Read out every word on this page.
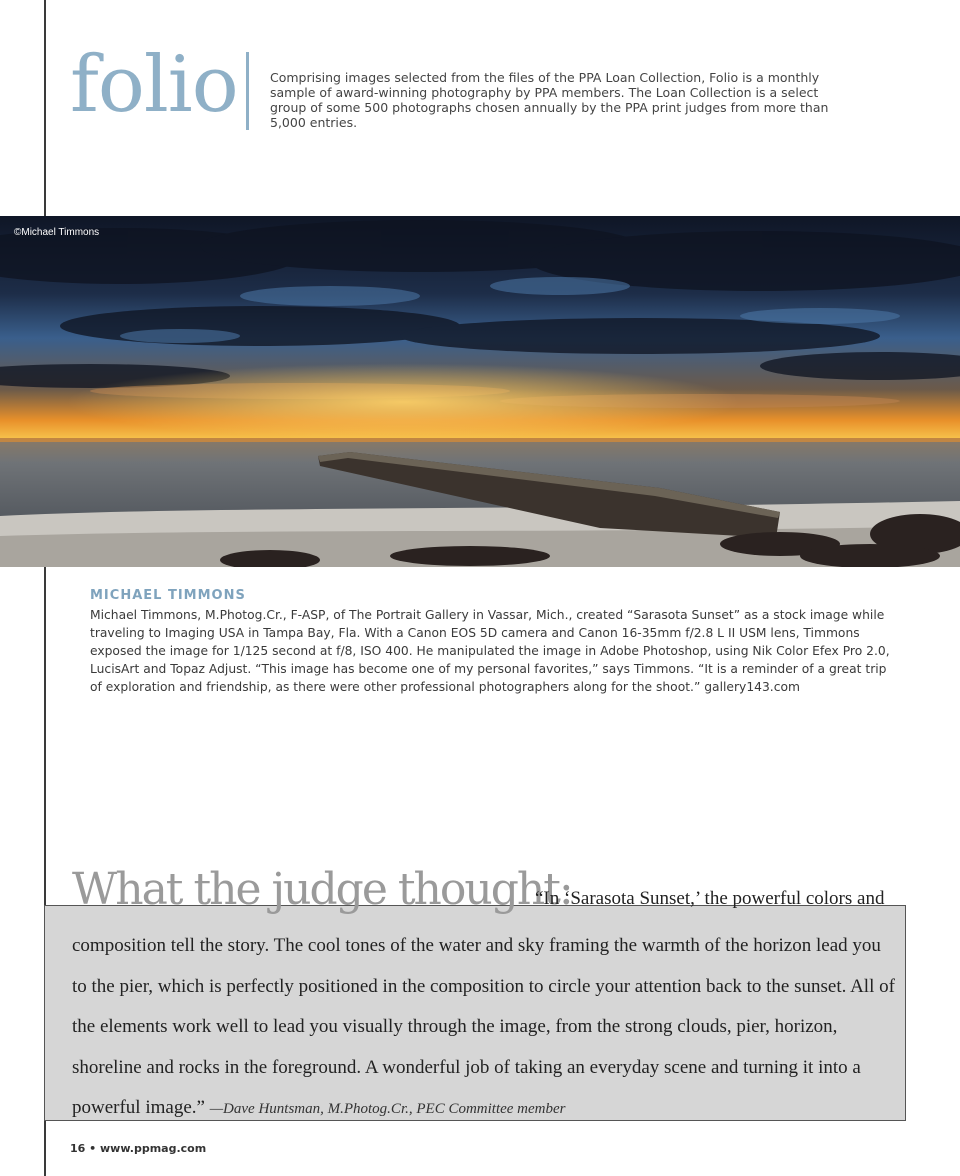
folio	Comprising images selected from the files of the PPA Loan Collection, Folio is a monthly sample of award-winning photography by PPA members. The Loan Collection is a select group of some 500 photographs chosen annually by the PPA print judges from more than 5,000 entries.
©Michael Timmons
MICHAEL TIMMONS
Michael Timmons, M.Photog.Cr., F-ASP, of The Portrait Gallery in Vassar, Mich., created “Sarasota Sunset” as a stock image while traveling to Imaging USA in Tampa Bay, Fla. With a Canon EOS 5D camera and Canon 16-35mm f/2.8 L II USM lens, Timmons exposed the image for 1/125 second at f/8, ISO 400. He manipulated the image in Adobe Photoshop, using Nik Color Efex Pro 2.0, LucisArt and Topaz Adjust. “This image has become one of my personal favorites,” says Timmons. “It is a reminder of a great trip of exploration and friendship, as there were other professional photographers along for the shoot.” gallery143.com
What the judge thought:
“In ‘Sarasota Sunset,’ the powerful colors and
composition tell the story. The cool tones of the water and sky framing the warmth of the horizon lead you to the pier, which is perfectly positioned in the composition to circle your attention back to the sunset. All of the elements work well to lead you visually through the image, from the strong clouds, pier, horizon, shoreline and rocks in the foreground. A wonderful job of taking an everyday scene and turning it into a powerful image.” —Dave Huntsman, M.Photog.Cr., PEC Committee member
16 • www.ppmag.com
